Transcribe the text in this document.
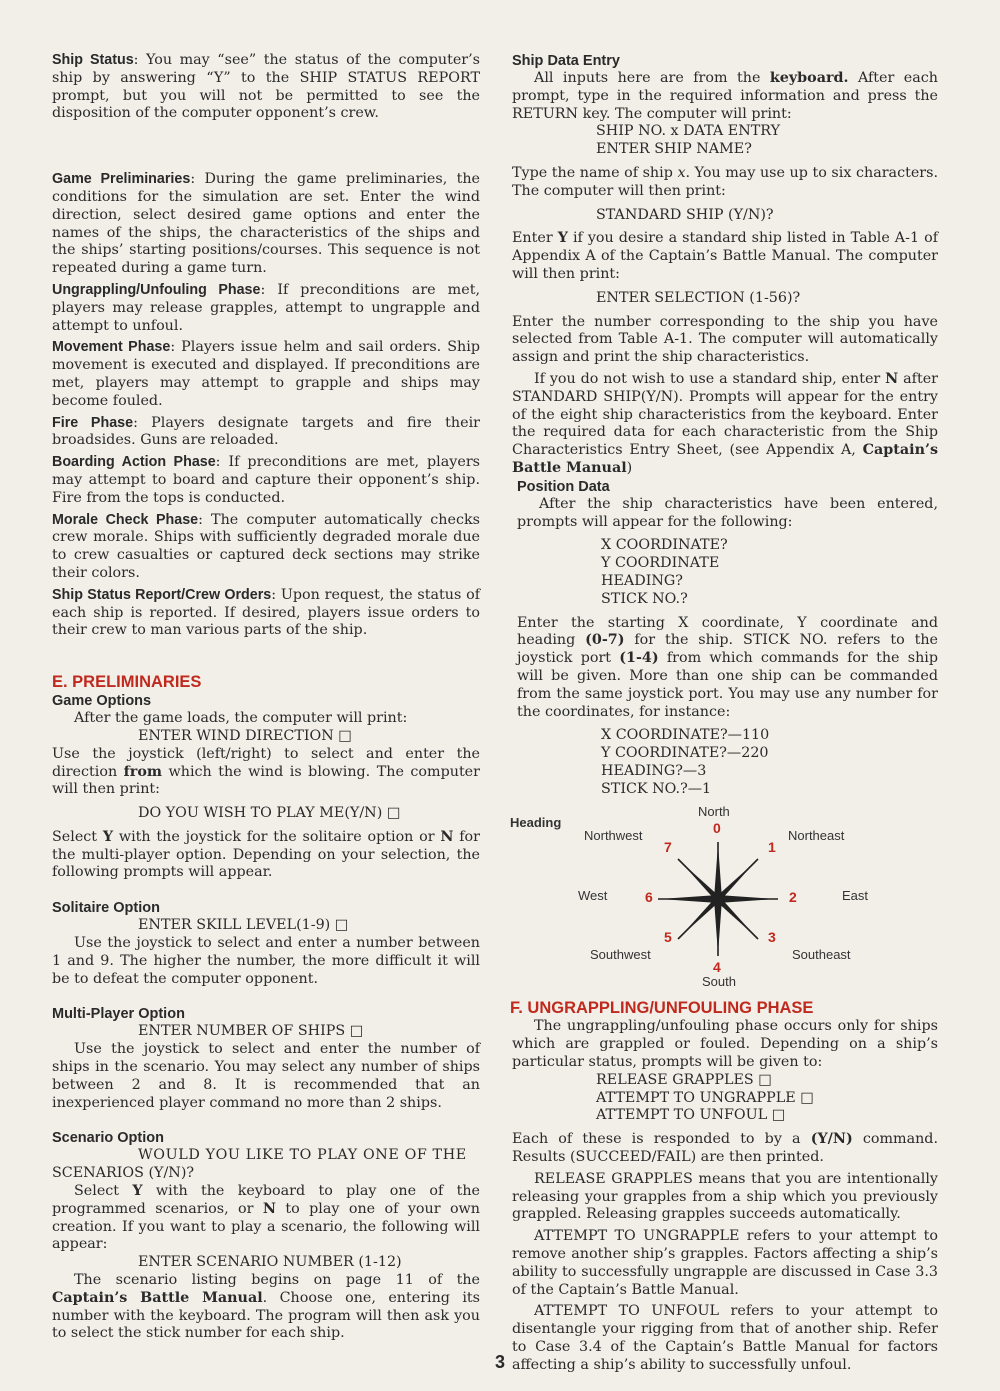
Ship Status: You may “see” the status of the computer’s ship by answering “Y” to the SHIP STATUS REPORT prompt, but you will not be permitted to see the disposition of the computer opponent’s crew.

Game Preliminaries: During the game preliminaries, the conditions for the simulation are set. Enter the wind direction, select desired game options and enter the names of the ships, the characteristics of the ships and the ships’ starting positions/courses. This sequence is not repeated during a game turn.

Ungrappling/Unfouling Phase: If preconditions are met, players may release grapples, attempt to ungrapple and attempt to unfoul.

Movement Phase: Players issue helm and sail orders. Ship movement is executed and displayed. If preconditions are met, players may attempt to grapple and ships may become fouled.

Fire Phase: Players designate targets and fire their broadsides. Guns are reloaded.

Boarding Action Phase: If preconditions are met, players may attempt to board and capture their opponent’s ship. Fire from the tops is conducted.

Morale Check Phase: The computer automatically checks crew morale. Ships with sufficiently degraded morale due to crew casualties or captured deck sections may strike their colors.

Ship Status Report/Crew Orders: Upon request, the status of each ship is reported. If desired, players issue orders to their crew to man various parts of the ship.

E. PRELIMINARIES
Game Options

After the game loads, the computer will print:

ENTER WIND DIRECTION □

Use the joystick (left/right) to select and enter the direction from which the wind is blowing. The computer will then print:

DO YOU WISH TO PLAY ME(Y/N) □

Select Y with the joystick for the solitaire option or N for the multi-player option. Depending on your selection, the following prompts will appear.

Solitaire Option

ENTER SKILL LEVEL(1-9) □

Use the joystick to select and enter a number between 1 and 9. The higher the number, the more difficult it will be to defeat the computer opponent.

Multi-Player Option

ENTER NUMBER OF SHIPS □

Use the joystick to select and enter the number of ships in the scenario. You may select any number of ships between 2 and 8. It is recommended that an inexperienced player command no more than 2 ships.

Scenario Option

WOULD YOU LIKE TO PLAY ONE OF THE

SCENARIOS (Y/N)?

Select Y with the keyboard to play one of the programmed scenarios, or N to play one of your own creation. If you want to play a scenario, the following will appear:

ENTER SCENARIO NUMBER (1-12)

The scenario listing begins on page 11 of the Captain’s Battle Manual. Choose one, entering its number with the keyboard. The program will then ask you to select the stick number for each ship.

Ship Data Entry

All inputs here are from the keyboard. After each prompt, type in the required information and press the RETURN key. The computer will print:

SHIP NO. x DATA ENTRY

ENTER SHIP NAME?

Type the name of ship x. You may use up to six characters. The computer will then print:

STANDARD SHIP (Y/N)?

Enter Y if you desire a standard ship listed in Table A-1 of Appendix A of the Captain’s Battle Manual. The computer will then print:

ENTER SELECTION (1-56)?

Enter the number corresponding to the ship you have selected from Table A-1. The computer will automatically assign and print the ship characteristics.

If you do not wish to use a standard ship, enter N after STANDARD SHIP(Y/N). Prompts will appear for the entry of the eight ship characteristics from the keyboard. Enter the required data for each characteristic from the Ship Characteristics Entry Sheet, (see Appendix A, Captain’s Battle Manual)

Position Data

After the ship characteristics have been entered, prompts will appear for the following:

X COORDINATE?

Y COORDINATE

HEADING?

STICK NO.?

Enter the starting X coordinate, Y coordinate and heading (0-7) for the ship. STICK NO. refers to the joystick port (1-4) from which commands for the ship will be given. More than one ship can be commanded from the same joystick port. You may use any number for the coordinates, for instance:

X COORDINATE?—110

Y COORDINATE?—220

HEADING?—3

STICK NO.?—1

Heading
North
0
Northwest
7
Northeast
1
West	6	2	East
5
Southwest
3
Southeast
4
South
F. UNGRAPPLING/UNFOULING PHASE

The ungrappling/unfouling phase occurs only for ships which are grappled or fouled. Depending on a ship’s particular status, prompts will be given to:

RELEASE GRAPPLES □

ATTEMPT TO UNGRAPPLE □

ATTEMPT TO UNFOUL □

Each of these is responded to by a (Y/N) command. Results (SUCCEED/FAIL) are then printed.

RELEASE GRAPPLES means that you are intentionally releasing your grapples from a ship which you previously grappled. Releasing grapples succeeds automatically.

ATTEMPT TO UNGRAPPLE refers to your attempt to remove another ship’s grapples. Factors affecting a ship’s ability to successfully ungrapple are discussed in Case 3.3 of the Captain’s Battle Manual.

ATTEMPT TO UNFOUL refers to your attempt to disentangle your rigging from that of another ship. Refer to Case 3.4 of the Captain’s Battle Manual for factors affecting a ship’s ability to successfully unfoul.

3
